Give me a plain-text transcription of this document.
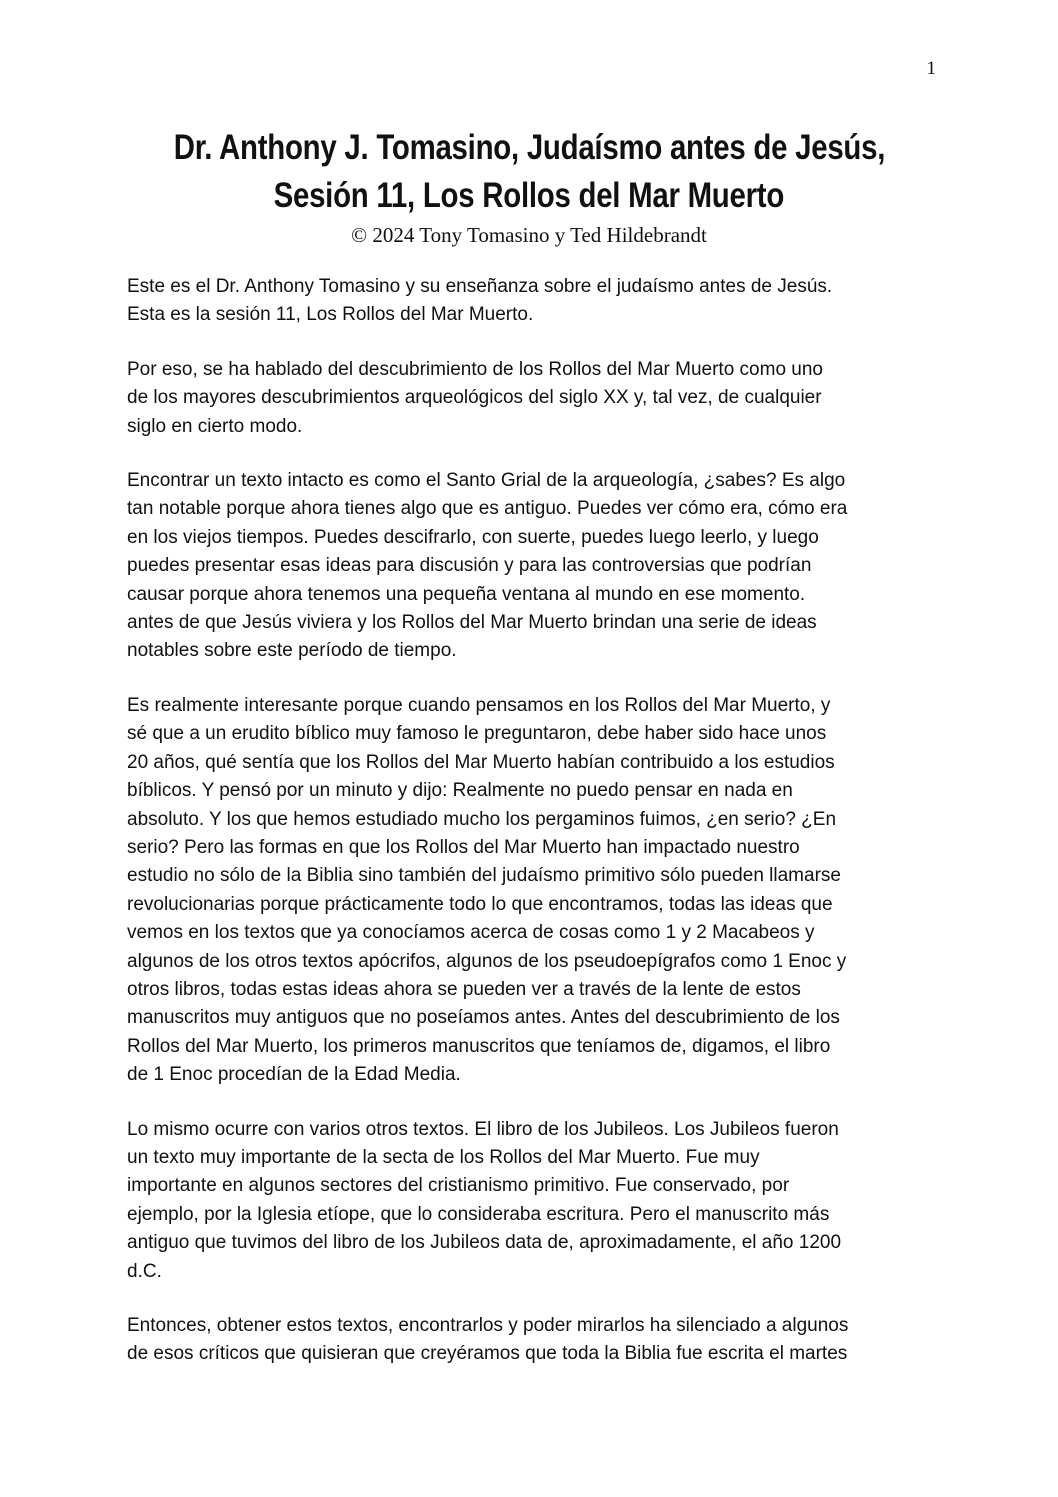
1
Dr. Anthony J. Tomasino, Judaísmo antes de Jesús,
Sesión 11, Los Rollos del Mar Muerto
© 2024 Tony Tomasino y Ted Hildebrandt

Este es el Dr. Anthony Tomasino y su enseñanza sobre el judaísmo antes de Jesús.
Esta es la sesión 11, Los Rollos del Mar Muerto.

Por eso, se ha hablado del descubrimiento de los Rollos del Mar Muerto como uno
de los mayores descubrimientos arqueológicos del siglo XX y, tal vez, de cualquier
siglo en cierto modo.

Encontrar un texto intacto es como el Santo Grial de la arqueología, ¿sabes? Es algo
tan notable porque ahora tienes algo que es antiguo. Puedes ver cómo era, cómo era
en los viejos tiempos. Puedes descifrarlo, con suerte, puedes luego leerlo, y luego
puedes presentar esas ideas para discusión y para las controversias que podrían
causar porque ahora tenemos una pequeña ventana al mundo en ese momento.
antes de que Jesús viviera y los Rollos del Mar Muerto brindan una serie de ideas
notables sobre este período de tiempo.

Es realmente interesante porque cuando pensamos en los Rollos del Mar Muerto, y
sé que a un erudito bíblico muy famoso le preguntaron, debe haber sido hace unos
20 años, qué sentía que los Rollos del Mar Muerto habían contribuido a los estudios
bíblicos. Y pensó por un minuto y dijo: Realmente no puedo pensar en nada en
absoluto. Y los que hemos estudiado mucho los pergaminos fuimos, ¿en serio? ¿En
serio? Pero las formas en que los Rollos del Mar Muerto han impactado nuestro
estudio no sólo de la Biblia sino también del judaísmo primitivo sólo pueden llamarse
revolucionarias porque prácticamente todo lo que encontramos, todas las ideas que
vemos en los textos que ya conocíamos acerca de cosas como 1 y 2 Macabeos y
algunos de los otros textos apócrifos, algunos de los pseudoepígrafos como 1 Enoc y
otros libros, todas estas ideas ahora se pueden ver a través de la lente de estos
manuscritos muy antiguos que no poseíamos antes. Antes del descubrimiento de los
Rollos del Mar Muerto, los primeros manuscritos que teníamos de, digamos, el libro
de 1 Enoc procedían de la Edad Media.

Lo mismo ocurre con varios otros textos. El libro de los Jubileos. Los Jubileos fueron
un texto muy importante de la secta de los Rollos del Mar Muerto. Fue muy
importante en algunos sectores del cristianismo primitivo. Fue conservado, por
ejemplo, por la Iglesia etíope, que lo consideraba escritura. Pero el manuscrito más
antiguo que tuvimos del libro de los Jubileos data de, aproximadamente, el año 1200
d.C.

Entonces, obtener estos textos, encontrarlos y poder mirarlos ha silenciado a algunos
de esos críticos que quisieran que creyéramos que toda la Biblia fue escrita el martes
